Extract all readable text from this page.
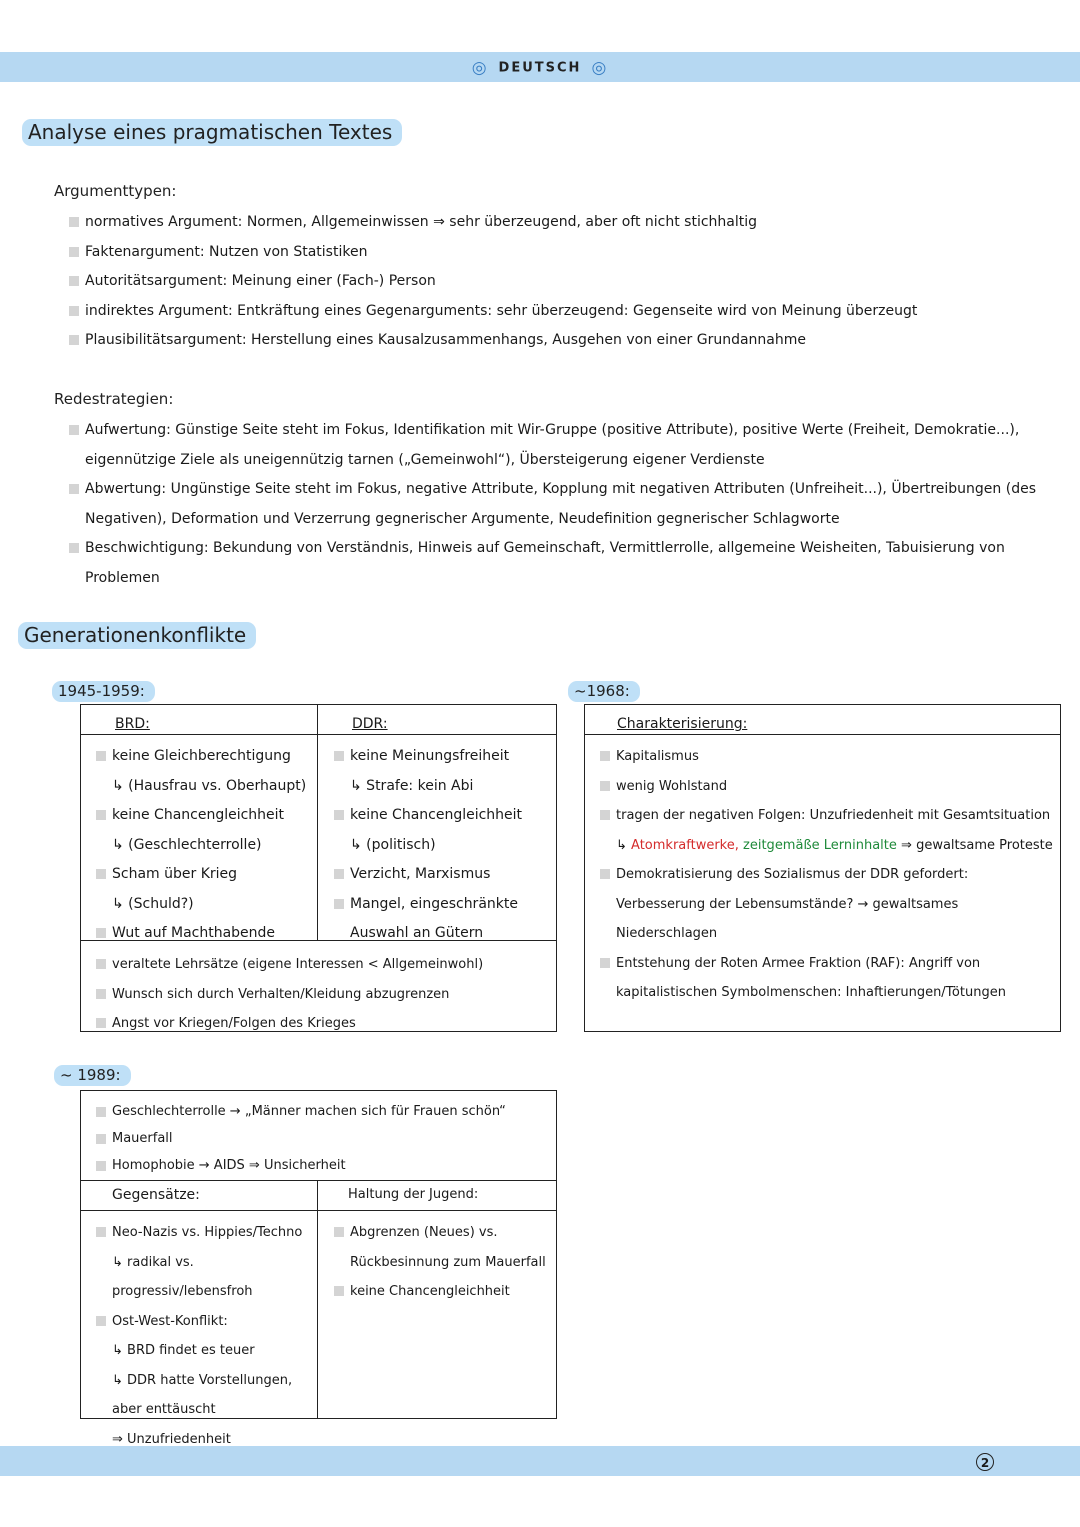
◎ DEUTSCH ◎
Analyse eines pragmatischen Textes
Argumenttypen:
normatives Argument: Normen, Allgemeinwissen ⇒ sehr überzeugend, aber oft nicht stichhaltig
Faktenargument: Nutzen von Statistiken
Autoritätsargument: Meinung einer (Fach-) Person
indirektes Argument: Entkräftung eines Gegenarguments: sehr überzeugend: Gegenseite wird von Meinung überzeugt
Plausibilitätsargument: Herstellung eines Kausalzusammenhangs, Ausgehen von einer Grundannahme
Redestrategien:
Aufwertung: Günstige Seite steht im Fokus, Identifikation mit Wir-Gruppe (positive Attribute), positive Werte (Freiheit, Demokratie...), eigennützige Ziele als uneigennützig tarnen („Gemeinwohl“), Übersteigerung eigener Verdienste
Abwertung: Ungünstige Seite steht im Fokus, negative Attribute, Kopplung mit negativen Attributen (Unfreiheit...), Übertreibungen (des Negativen), Deformation und Verzerrung gegnerischer Argumente, Neudefinition gegnerischer Schlagworte
Beschwichtigung: Bekundung von Verständnis, Hinweis auf Gemeinschaft, Vermittlerrolle, allgemeine Weisheiten, Tabuisierung von Problemen
Generationenkonflikte
1945-1959:
BRD:	DDR:
keine Gleichberechtigung
↳ (Hausfrau vs. Oberhaupt)
keine Chancengleichheit
↳ (Geschlechterrolle)
Scham über Krieg
↳ (Schuld?)
Wut auf Machthabende
keine Meinungsfreiheit
↳ Strafe: kein Abi
keine Chancengleichheit
↳ (politisch)
Verzicht, Marxismus
Mangel, eingeschränkte
Auswahl an Gütern
veraltete Lehrsätze (eigene Interessen < Allgemeinwohl)
Wunsch sich durch Verhalten/Kleidung abzugrenzen
Angst vor Kriegen/Folgen des Krieges
~1968:
Charakterisierung:
Kapitalismus
wenig Wohlstand
tragen der negativen Folgen: Unzufriedenheit mit Gesamtsituation
↳ Atomkraftwerke, zeitgemäße Lerninhalte ⇒ gewaltsame Proteste
Demokratisierung des Sozialismus der DDR gefordert: Verbesserung der Lebensumstände? → gewaltsames Niederschlagen
Entstehung der Roten Armee Fraktion (RAF): Angriff von kapitalistischen Symbolmenschen: Inhaftierungen/Tötungen
~ 1989:
Geschlechterrolle → „Männer machen sich für Frauen schön“
Mauerfall
Homophobie → AIDS ⇒ Unsicherheit
Gegensätze:	Haltung der Jugend:
Neo-Nazis vs. Hippies/Techno
↳ radikal vs. progressiv/lebensfroh
Ost-West-Konflikt:
↳ BRD findet es teuer
↳ DDR hatte Vorstellungen,
aber enttäuscht
⇒ Unzufriedenheit
Abgrenzen (Neues) vs.
Rückbesinnung zum Mauerfall
keine Chancengleichheit
2
